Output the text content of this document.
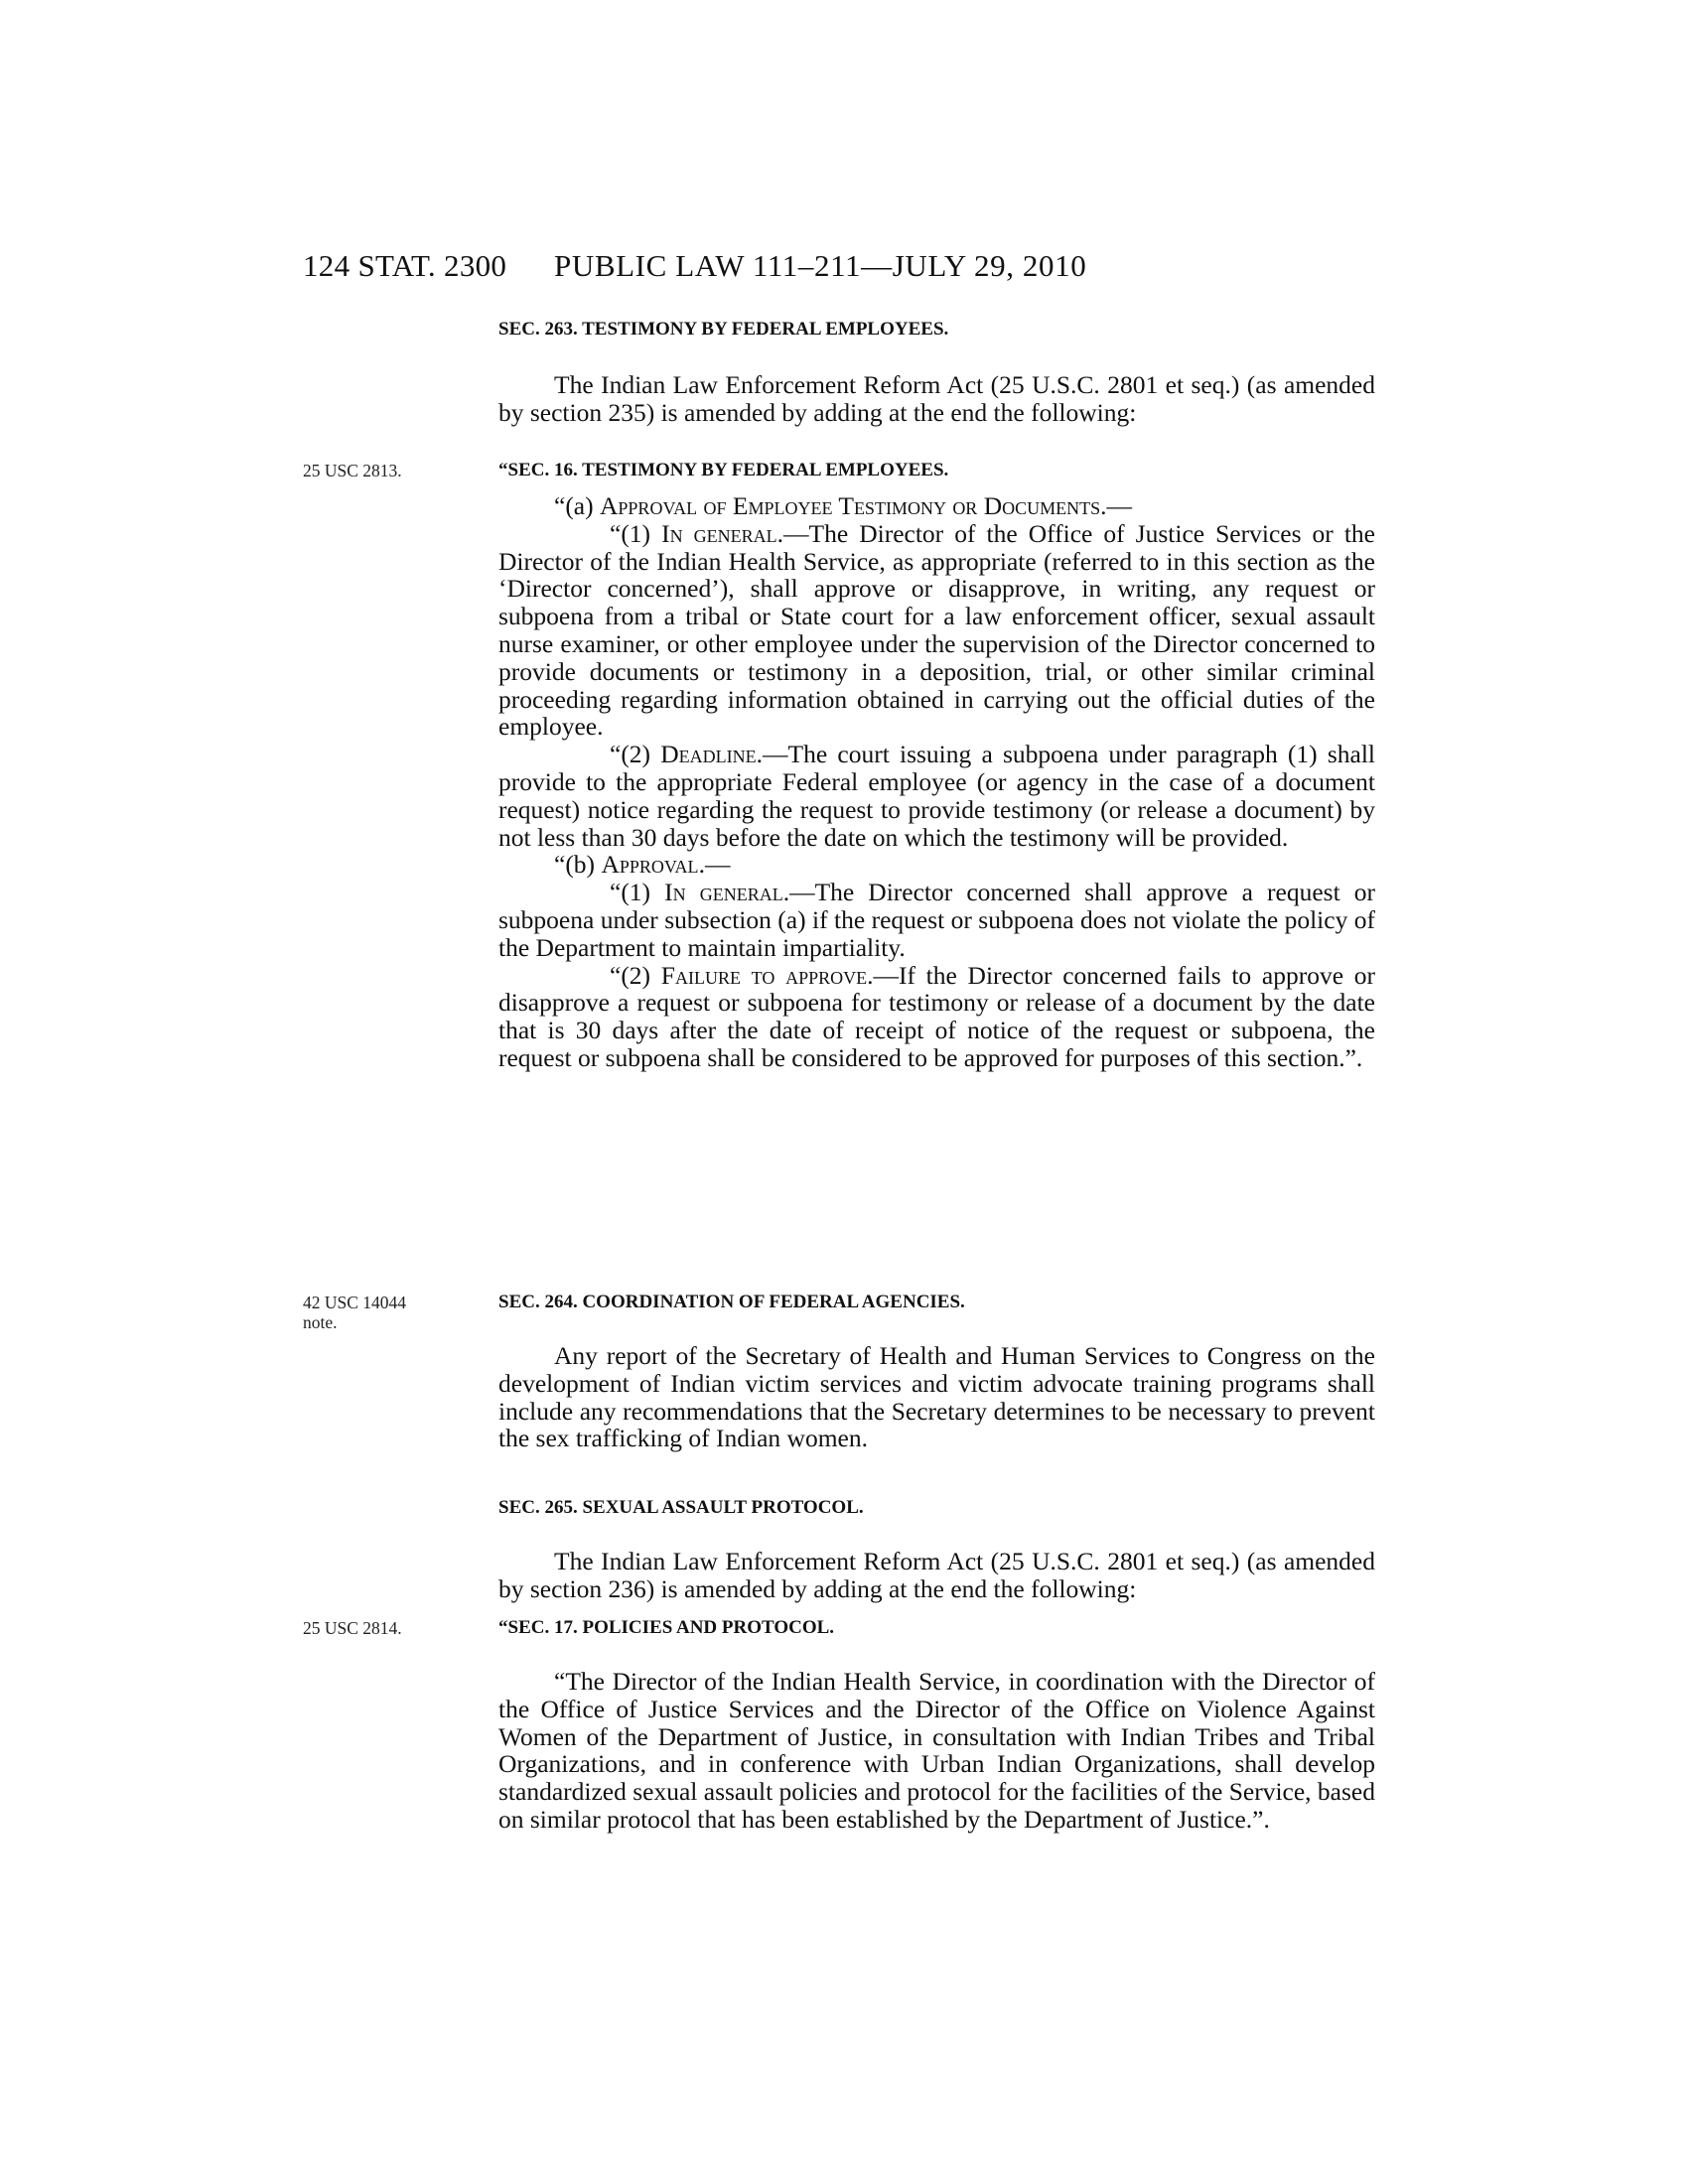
124 STAT. 2300 PUBLIC LAW 111–211—JULY 29, 2010
SEC. 263. TESTIMONY BY FEDERAL EMPLOYEES.

The Indian Law Enforcement Reform Act (25 U.S.C. 2801 et seq.) (as amended by section 235) is amended by adding at the end the following:

25 USC 2813.	“SEC. 16. TESTIMONY BY FEDERAL EMPLOYEES.

“(a) Approval of Employee Testimony or Documents.—

“(1) In general.—The Director of the Office of Justice Services or the Director of the Indian Health Service, as appropriate (referred to in this section as the ‘Director concerned’), shall approve or disapprove, in writing, any request or subpoena from a tribal or State court for a law enforcement officer, sexual assault nurse examiner, or other employee under the supervision of the Director concerned to provide documents or testimony in a deposition, trial, or other similar criminal proceeding regarding information obtained in carrying out the official duties of the employee.

“(2) Deadline.—The court issuing a subpoena under paragraph (1) shall provide to the appropriate Federal employee (or agency in the case of a document request) notice regarding the request to provide testimony (or release a document) by not less than 30 days before the date on which the testimony will be provided.

“(b) Approval.—

“(1) In general.—The Director concerned shall approve a request or subpoena under subsection (a) if the request or subpoena does not violate the policy of the Department to maintain impartiality.

“(2) Failure to approve.—If the Director concerned fails to approve or disapprove a request or subpoena for testimony or release of a document by the date that is 30 days after the date of receipt of notice of the request or subpoena, the request or subpoena shall be considered to be approved for purposes of this section.”.

42 USC 14044
note.
SEC. 264. COORDINATION OF FEDERAL AGENCIES.

Any report of the Secretary of Health and Human Services to Congress on the development of Indian victim services and victim advocate training programs shall include any recommendations that the Secretary determines to be necessary to prevent the sex trafficking of Indian women.

SEC. 265. SEXUAL ASSAULT PROTOCOL.

The Indian Law Enforcement Reform Act (25 U.S.C. 2801 et seq.) (as amended by section 236) is amended by adding at the end the following:

25 USC 2814.	“SEC. 17. POLICIES AND PROTOCOL.

“The Director of the Indian Health Service, in coordination with the Director of the Office of Justice Services and the Director of the Office on Violence Against Women of the Department of Justice, in consultation with Indian Tribes and Tribal Organizations, and in conference with Urban Indian Organizations, shall develop standardized sexual assault policies and protocol for the facilities of the Service, based on similar protocol that has been established by the Department of Justice.”.
